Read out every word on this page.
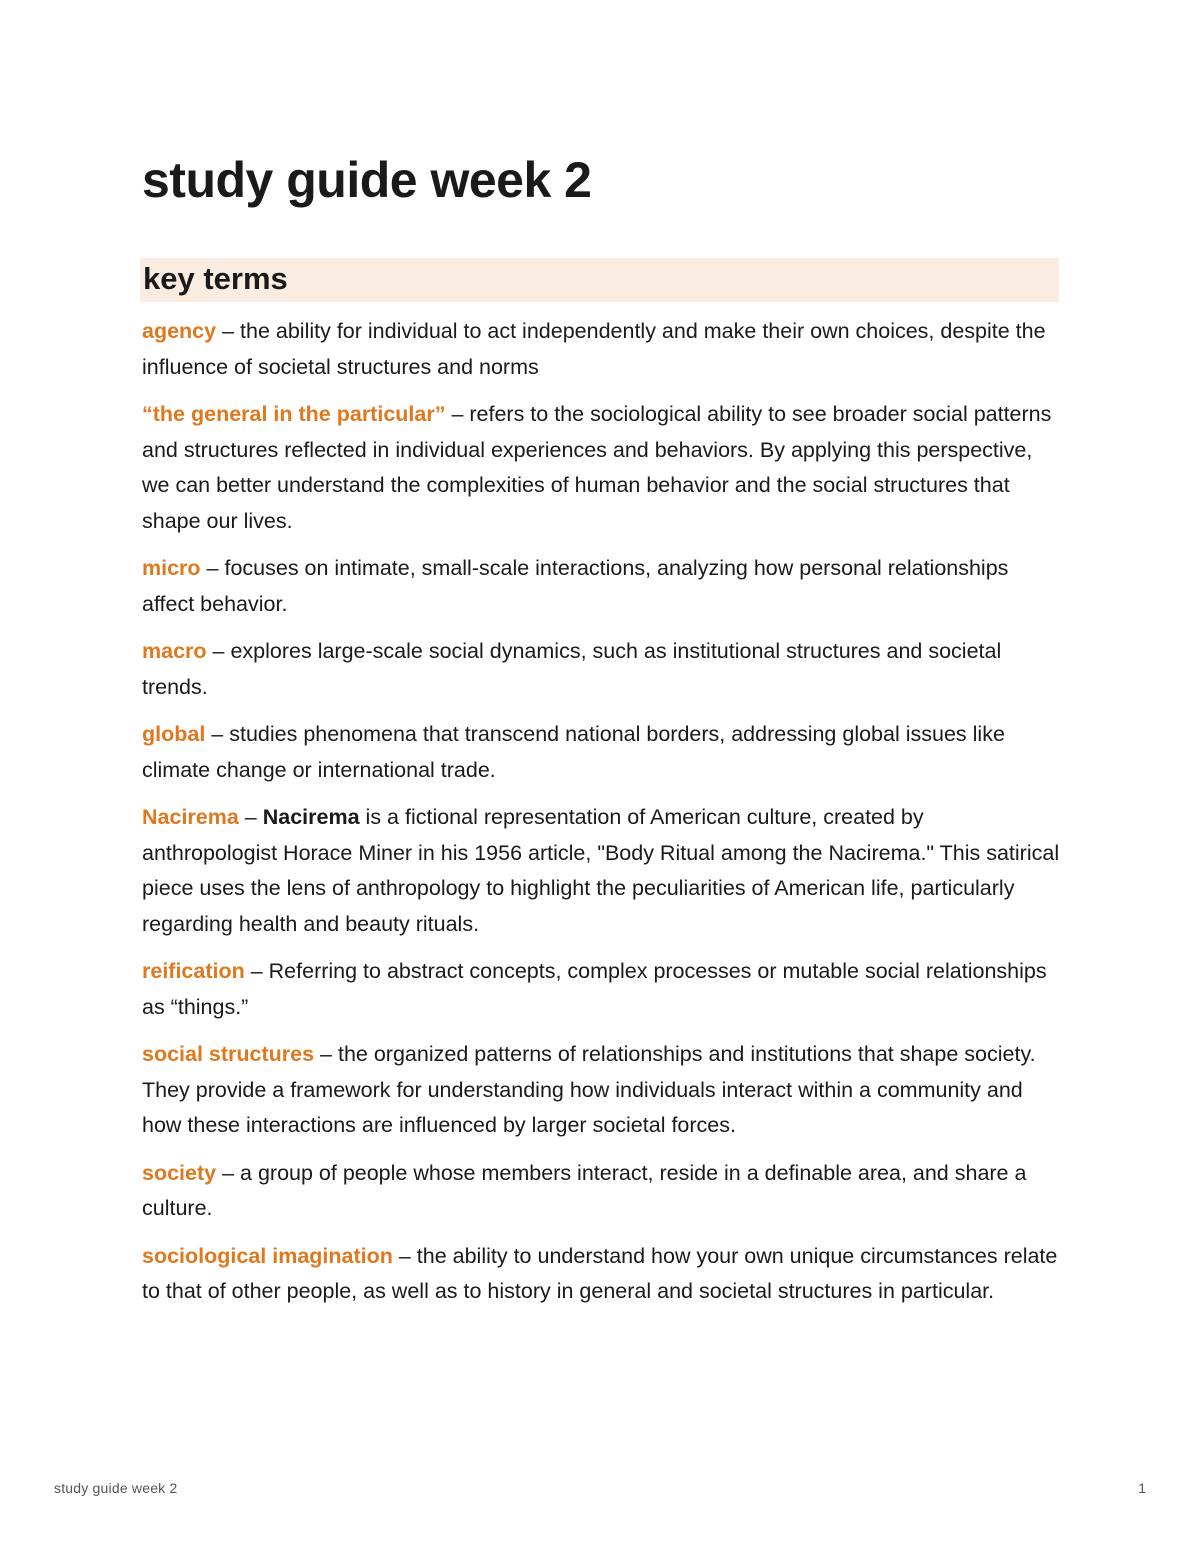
study guide week 2
key terms
agency – the ability for individual to act independently and make their own choices, despite the influence of societal structures and norms
“the general in the particular” – refers to the sociological ability to see broader social patterns and structures reflected in individual experiences and behaviors. By applying this perspective, we can better understand the complexities of human behavior and the social structures that shape our lives.
micro – focuses on intimate, small-scale interactions, analyzing how personal relationships affect behavior.
macro – explores large-scale social dynamics, such as institutional structures and societal trends.
global – studies phenomena that transcend national borders, addressing global issues like climate change or international trade.
Nacirema – Nacirema is a fictional representation of American culture, created by anthropologist Horace Miner in his 1956 article, "Body Ritual among the Nacirema." This satirical piece uses the lens of anthropology to highlight the peculiarities of American life, particularly regarding health and beauty rituals.
reification – Referring to abstract concepts, complex processes or mutable social relationships as “things.”
social structures – the organized patterns of relationships and institutions that shape society. They provide a framework for understanding how individuals interact within a community and how these interactions are influenced by larger societal forces.
society – a group of people whose members interact, reside in a definable area, and share a culture.
sociological imagination – the ability to understand how your own unique circumstances relate to that of other people, as well as to history in general and societal structures in particular.
study guide week 2	1
